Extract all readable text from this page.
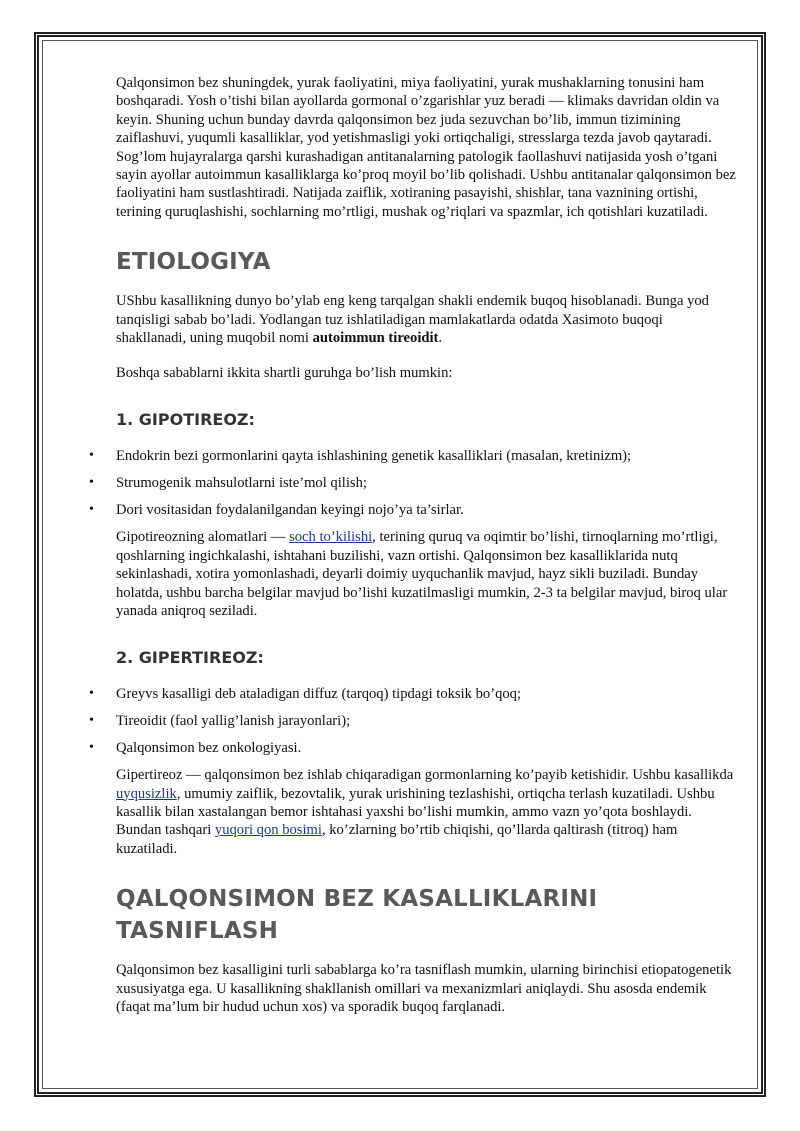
Qalqonsimon bez shuningdek, yurak faoliyatini, miya faoliyatini, yurak mushaklarning tonusini ham boshqaradi. Yosh o’tishi bilan ayollarda gormonal o’zgarishlar yuz beradi — klimaks davridan oldin va keyin. Shuning uchun bunday davrda qalqonsimon bez juda sezuvchan bo’lib, immun tizimining zaiflashuvi, yuqumli kasalliklar, yod yetishmasligi yoki ortiqchaligi, stresslarga tezda javob qaytaradi. Sog’lom hujayralarga qarshi kurashadigan antitanalarning patologik faollashuvi natijasida yosh o’tgani sayin ayollar autoimmun kasalliklarga ko’proq moyil bo’lib qolishadi. Ushbu antitanalar qalqonsimon bez faoliyatini ham sustlashtiradi. Natijada zaiflik, xotiraning pasayishi, shishlar, tana vaznining ortishi, terining quruqlashishi, sochlarning mo’rtligi, mushak og’riqlari va spazmlar, ich qotishlari kuzatiladi.

ETIOLOGIYA

UShbu kasallikning dunyo bo’ylab eng keng tarqalgan shakli endemik buqoq hisoblanadi. Bunga yod tanqisligi sabab bo’ladi. Yodlangan tuz ishlatiladigan mamlakatlarda odatda Xasimoto buqoqi shakllanadi, uning muqobil nomi autoimmun tireoidit.

Boshqa sabablarni ikkita shartli guruhga bo’lish mumkin:

1. GIPOTIREOZ:
• Endokrin bezi gormonlarini qayta ishlashining genetik kasalliklari (masalan, kretinizm);
• Strumogenik mahsulotlarni iste’mol qilish;
• Dori vositasidan foydalanilgandan keyingi nojo’ya ta’sirlar.

Gipotireozning alomatlari — soch to’kilishi, terining quruq va oqimtir bo’lishi, tirnoqlarning mo’rtligi, qoshlarning ingichkalashi, ishtahani buzilishi, vazn ortishi. Qalqonsimon bez kasalliklarida nutq sekinlashadi, xotira yomonlashadi, deyarli doimiy uyquchanlik mavjud, hayz sikli buziladi. Bunday holatda, ushbu barcha belgilar mavjud bo’lishi kuzatilmasligi mumkin, 2-3 ta belgilar mavjud, biroq ular yanada aniqroq seziladi.

2. GIPERTIREOZ:
• Greyvs kasalligi deb ataladigan diffuz (tarqoq) tipdagi toksik bo’qoq;
• Tireoidit (faol yallig’lanish jarayonlari);
• Qalqonsimon bez onkologiyasi.

Gipertireoz — qalqonsimon bez ishlab chiqaradigan gormonlarning ko’payib ketishidir. Ushbu kasallikda uyqusizlik, umumiy zaiflik, bezovtalik, yurak urishining tezlashishi, ortiqcha terlash kuzatiladi. Ushbu kasallik bilan xastalangan bemor ishtahasi yaxshi bo’lishi mumkin, ammo vazn yo’qota boshlaydi. Bundan tashqari yuqori qon bosimi, ko’zlarning bo’rtib chiqishi, qo’llarda qaltirash (titroq) ham kuzatiladi.

QALQONSIMON BEZ KASALLIKLARINI TASNIFLASH

Qalqonsimon bez kasalligini turli sabablarga ko’ra tasniflash mumkin, ularning birinchisi etiopatogenetik xususiyatga ega. U kasallikning shakllanish omillari va mexanizmlari aniqlaydi. Shu asosda endemik (faqat ma’lum bir hudud uchun xos) va sporadik buqoq farqlanadi.
